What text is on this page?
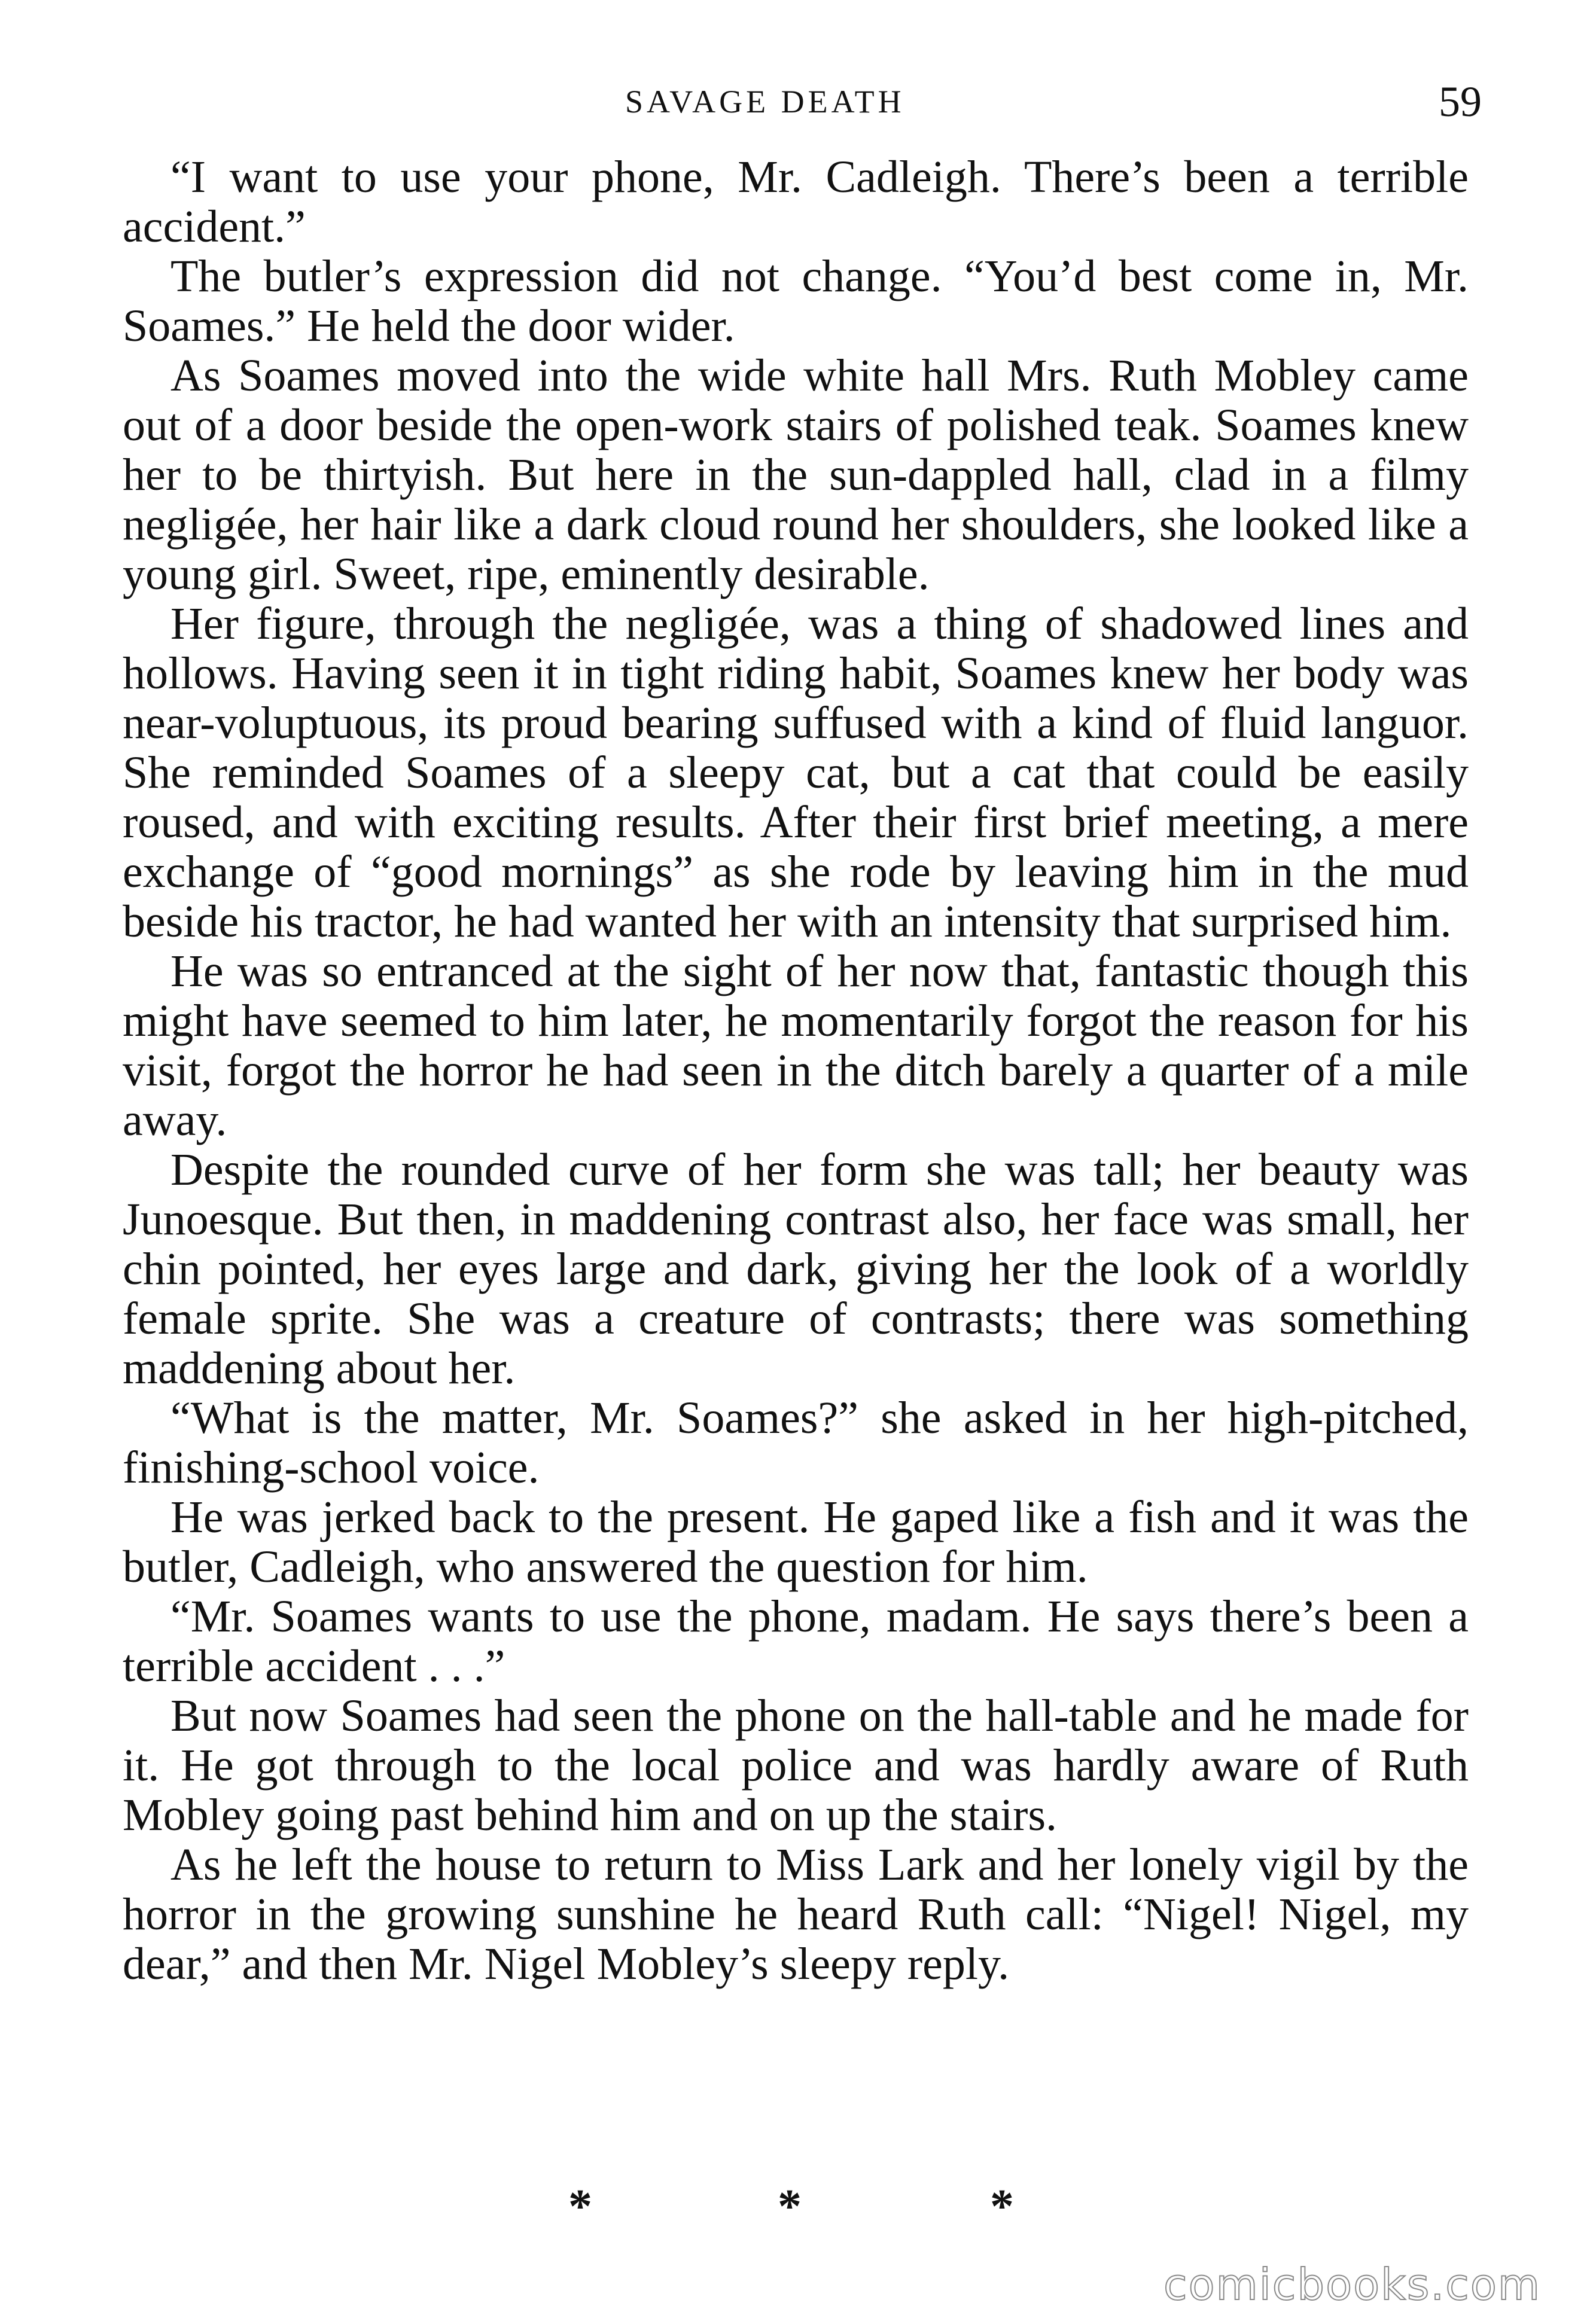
SAVAGE DEATH	59

“I want to use your phone, Mr. Cadleigh. There’s been a terrible accident.”

The butler’s expression did not change. “You’d best come in, Mr. Soames.” He held the door wider.

As Soames moved into the wide white hall Mrs. Ruth Mobley came out of a door beside the open-work stairs of polished teak. Soames knew her to be thirtyish. But here in the sun-dappled hall, clad in a filmy negligée, her hair like a dark cloud round her shoulders, she looked like a young girl. Sweet, ripe, eminently desirable.

Her figure, through the negligée, was a thing of shadowed lines and hollows. Having seen it in tight riding habit, Soames knew her body was near-voluptuous, its proud bearing suffused with a kind of fluid languor. She reminded Soames of a sleepy cat, but a cat that could be easily roused, and with exciting results. After their first brief meeting, a mere exchange of “good mornings” as she rode by leaving him in the mud beside his tractor, he had wanted her with an intensity that surprised him.

He was so entranced at the sight of her now that, fantastic though this might have seemed to him later, he momentarily forgot the reason for his visit, forgot the horror he had seen in the ditch barely a quarter of a mile away.

Despite the rounded curve of her form she was tall; her beauty was Junoesque. But then, in maddening contrast also, her face was small, her chin pointed, her eyes large and dark, giving her the look of a worldly female sprite. She was a creature of contrasts; there was something maddening about her.

“What is the matter, Mr. Soames?” she asked in her high-pitched, finishing-school voice.

He was jerked back to the present. He gaped like a fish and it was the butler, Cadleigh, who answered the question for him.

“Mr. Soames wants to use the phone, madam. He says there’s been a terrible accident . . .”

But now Soames had seen the phone on the hall-table and he made for it. He got through to the local police and was hardly aware of Ruth Mobley going past behind him and on up the stairs.

As he left the house to return to Miss Lark and her lonely vigil by the horror in the growing sunshine he heard Ruth call: “Nigel! Nigel, my dear,” and then Mr. Nigel Mobley’s sleepy reply.

*	*	*
comicbooks.com
